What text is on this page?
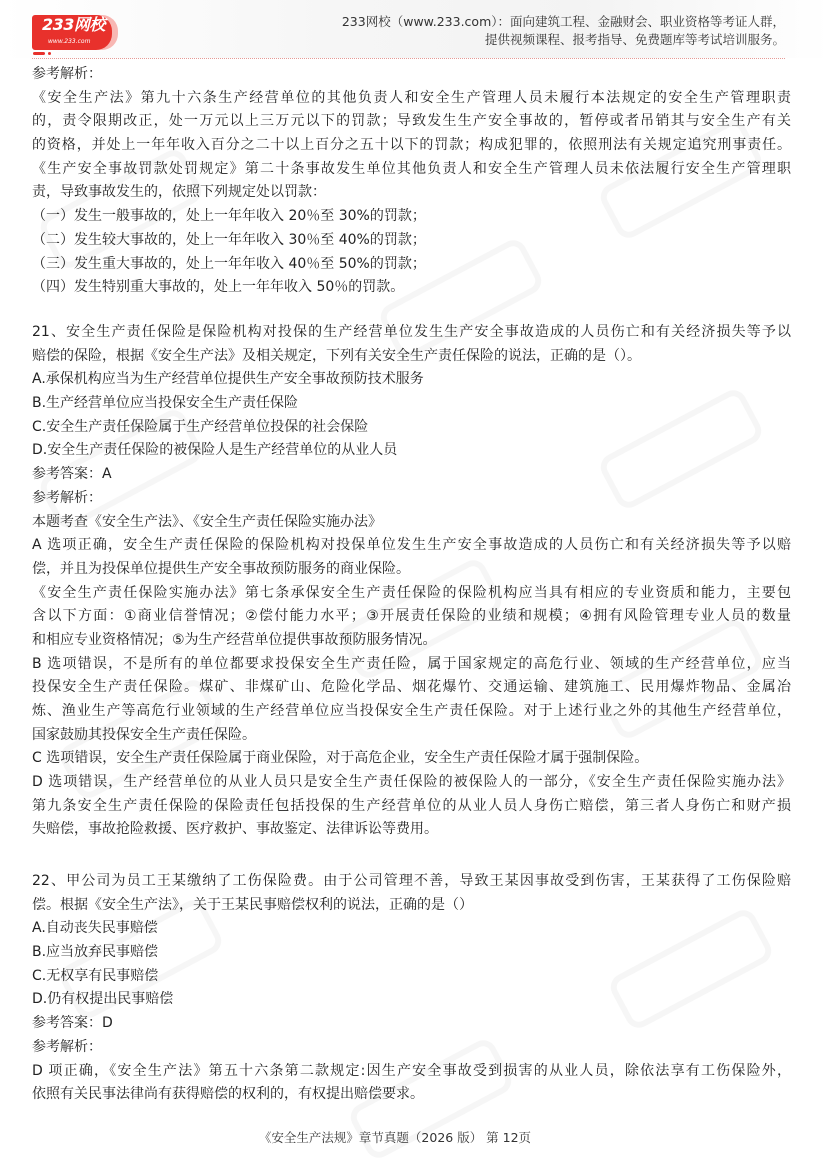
233网校
www.233.com
233网校（www.233.com）：面向建筑工程、金融财会、职业资格等考证人群，
提供视频课程、报考指导、免费题库等考试培训服务。
参考解析：
《安全生产法》第九十六条生产经营单位的其他负责人和安全生产管理人员未履行本法规定的安全生产管理职责
的，责令限期改正，处一万元以上三万元以下的罚款；导致发生生产安全事故的，暂停或者吊销其与安全生产有关
的资格，并处上一年年收入百分之二十以上百分之五十以下的罚款；构成犯罪的，依照刑法有关规定追究刑事责任。
《生产安全事故罚款处罚规定》第二十条事故发生单位其他负责人和安全生产管理人员未依法履行安全生产管理职
责，导致事故发生的，依照下列规定处以罚款：
（一）发生一般事故的，处上一年年收入 20％至 30%的罚款；
（二）发生较大事故的，处上一年年收入 30％至 40%的罚款；
（三）发生重大事故的，处上一年年收入 40％至 50%的罚款；
（四）发生特别重大事故的，处上一年年收入 50％的罚款。
21、安全生产责任保险是保险机构对投保的生产经营单位发生生产安全事故造成的人员伤亡和有关经济损失等予以
赔偿的保险，根据《安全生产法》及相关规定，下列有关安全生产责任保险的说法，正确的是（）。
A.承保机构应当为生产经营单位提供生产安全事故预防技术服务
B.生产经营单位应当投保安全生产责任保险
C.安全生产责任保险属于生产经营单位投保的社会保险
D.安全生产责任保险的被保险人是生产经营单位的从业人员
参考答案：A
参考解析：
本题考查《安全生产法》、《安全生产责任保险实施办法》
A 选项正确，安全生产责任保险的保险机构对投保单位发生生产安全事故造成的人员伤亡和有关经济损失等予以赔
偿，并且为投保单位提供生产安全事故预防服务的商业保险。
《安全生产责任保险实施办法》第七条承保安全生产责任保险的保险机构应当具有相应的专业资质和能力，主要包
含以下方面：①商业信誉情况；②偿付能力水平；③开展责任保险的业绩和规模；④拥有风险管理专业人员的数量
和相应专业资格情况；⑤为生产经营单位提供事故预防服务情况。
B 选项错误，不是所有的单位都要求投保安全生产责任险，属于国家规定的高危行业、领域的生产经营单位，应当
投保安全生产责任保险。煤矿、非煤矿山、危险化学品、烟花爆竹、交通运输、建筑施工、民用爆炸物品、金属冶
炼、渔业生产等高危行业领域的生产经营单位应当投保安全生产责任保险。对于上述行业之外的其他生产经营单位，
国家鼓励其投保安全生产责任保险。
C 选项错误，安全生产责任保险属于商业保险，对于高危企业，安全生产责任保险才属于强制保险。
D 选项错误，生产经营单位的从业人员只是安全生产责任保险的被保险人的一部分，《安全生产责任保险实施办法》
第九条安全生产责任保险的保险责任包括投保的生产经营单位的从业人员人身伤亡赔偿，第三者人身伤亡和财产损
失赔偿，事故抢险救援、医疗救护、事故鉴定、法律诉讼等费用。
22、甲公司为员工王某缴纳了工伤保险费。由于公司管理不善，导致王某因事故受到伤害，王某获得了工伤保险赔
偿。根据《安全生产法》，关于王某民事赔偿权利的说法，正确的是（）
A.自动丧失民事赔偿
B.应当放弃民事赔偿
C.无权享有民事赔偿
D.仍有权提出民事赔偿
参考答案：D
参考解析：
D 项正确，《安全生产法》第五十六条第二款规定:因生产安全事故受到损害的从业人员，除依法享有工伤保险外，
依照有关民事法律尚有获得赔偿的权利的，有权提出赔偿要求。
《安全生产法规》章节真题（2026 版） 第 12页
